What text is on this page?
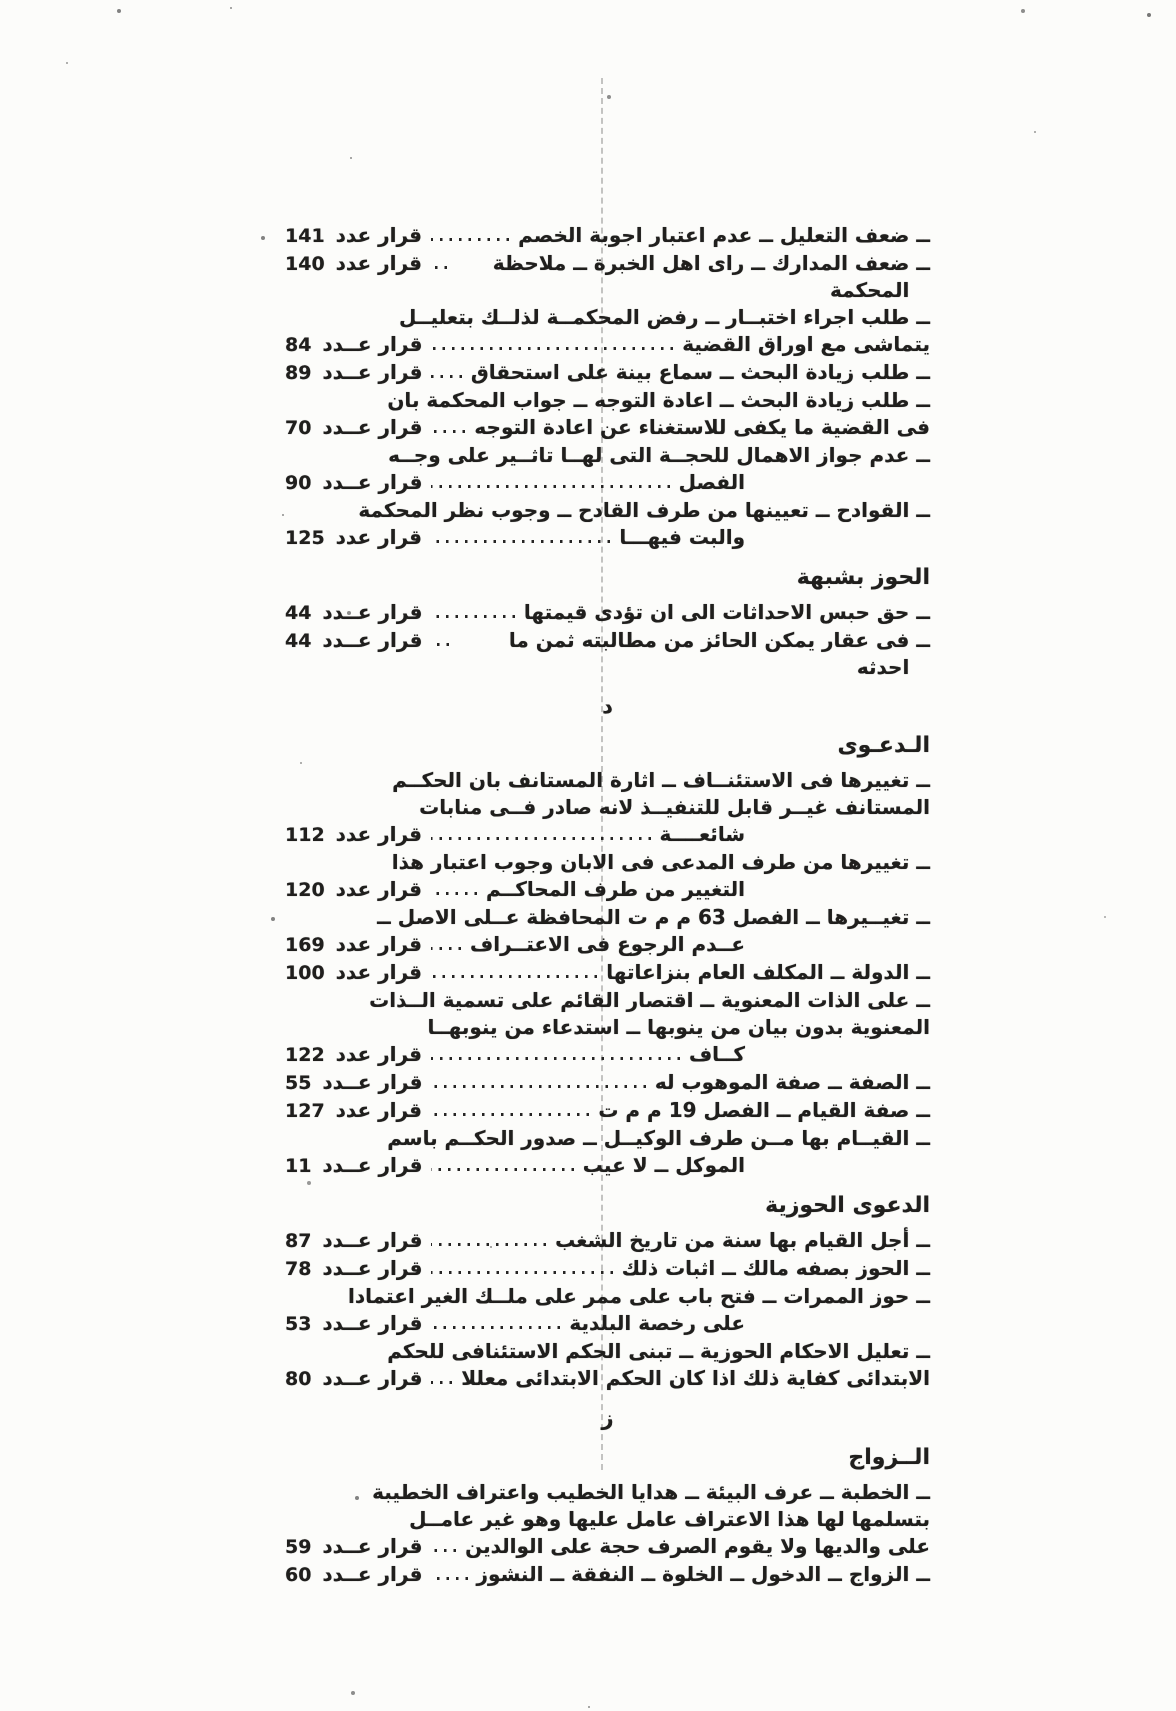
ــ
ضعف التعليل ــ عدم اعتبار اجوبة الخصم
قرار عدد 141
ــ
ضعف المدارك ــ راى اهل الخبرة ــ ملاحظة المحكمة
قرار عدد 140
ــ
طلب اجراء اختبــار ــ رفض المحكمــة لذلــك بتعليــل
يتماشى مع اوراق القضية
قرار عــدد 84
ــ
طلب زيادة البحث ــ سماع بينة على استحقاق
قرار عــدد 89
ــ
طلب زيادة البحث ــ اعادة التوجه ــ جواب المحكمة بان
فى القضية ما يكفى للاستغناء عن اعادة التوجه
قرار عــدد 70
ــ
عدم جواز الاهمال للحجــة التى لهــا تاثــير على وجــه
الفصل
قرار عــدد 90
ــ
القوادح ــ تعيينها من طرف القادح ــ وجوب نظر المحكمة
والبت فيهـــا
قرار عدد 125
الحوز بشبهة
ــ
حق حبس الاحداثات الى ان تؤدى قيمتها
قرار عــدد 44
ــ
فى عقار يمكن الحائز من مطالبته ثمن ما احدثه
قرار عــدد 44
د
الـدعـوى
ــ
تغييرها فى الاستئنــاف ــ اثارة المستانف بان الحكــم
المستانف غيــر قابل للتنفيــذ لانه صادر فــى منابات
شائعــــة
قرار عدد 112
ــ
تغييرها من طرف المدعى فى الابان وجوب اعتبار هذا
التغيير من طرف المحاكــم
قرار عدد 120
ــ
تغيــيرها ــ الفصل 63 م م ت المحافظة عــلى الاصل ــ
عــدم الرجوع فى الاعتــراف
قرار عدد 169
ــ
الدولة ــ المكلف العام بنزاعاتها
قرار عدد 100
ــ
على الذات المعنوية ــ اقتصار القائم على تسمية الــذات
المعنوية بدون بيان من ينوبها ــ استدعاء من ينوبهــا
كــاف
قرار عدد 122
ــ
الصفة ــ صفة الموهوب له
قرار عــدد 55
ــ
صفة القيام ــ الفصل 19 م م ت
قرار عدد 127
ــ
القيــام بها مــن طرف الوكيــل ــ صدور الحكــم باسم
الموكل ــ لا عيب
قرار عــدد 11
الدعوى الحوزية
ــ
أجل القيام بها سنة من تاريخ الشغب
قرار عــدد 87
ــ
الحوز بصفه مالك ــ اثبات ذلك
قرار عــدد 78
ــ
حوز الممرات ــ فتح باب على ممر على ملــك الغير اعتمادا
على رخصة البلدية
قرار عــدد 53
ــ
تعليل الاحكام الحوزية ــ تبنى الحكم الاستئنافى للحكم
الابتدائى كفاية ذلك اذا كان الحكم الابتدائى معللا
قرار عــدد 80
ز
الــزواج
ــ
الخطبة ــ عرف البيئة ــ هدايا الخطيب واعتراف الخطيبة
بتسلمها لها هذا الاعتراف عامل عليها وهو غير عامــل
على والديها ولا يقوم الصرف حجة على الوالدين
قرار عــدد 59
ــ
الزواج ــ الدخول ــ الخلوة ــ النفقة ــ النشوز
قرار عــدد 60
